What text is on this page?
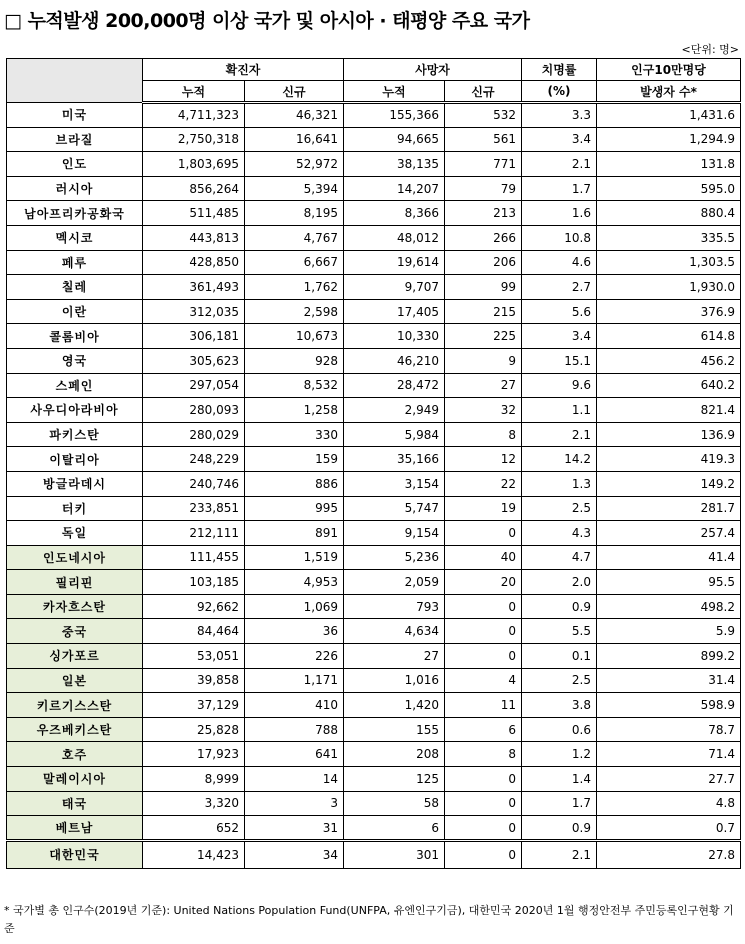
□ 누적발생 200,000명 이상 국가 및 아시아 · 태평양 주요 국가
<단위: 명>
	확진자		사망자		치명률	인구10만명당
	누적	신규	누적	신규	(%)	발생자 수*
미국	4,711,323	46,321	155,366	532	3.3	1,431.6
브라질	2,750,318	16,641	94,665	561	3.4	1,294.9
인도	1,803,695	52,972	38,135	771	2.1	131.8
러시아	856,264	5,394	14,207	79	1.7	595.0
남아프리카공화국	511,485	8,195	8,366	213	1.6	880.4
멕시코	443,813	4,767	48,012	266	10.8	335.5
페루	428,850	6,667	19,614	206	4.6	1,303.5
칠레	361,493	1,762	9,707	99	2.7	1,930.0
이란	312,035	2,598	17,405	215	5.6	376.9
콜롬비아	306,181	10,673	10,330	225	3.4	614.8
영국	305,623	928	46,210	9	15.1	456.2
스페인	297,054	8,532	28,472	27	9.6	640.2
사우디아라비아	280,093	1,258	2,949	32	1.1	821.4
파키스탄	280,029	330	5,984	8	2.1	136.9
이탈리아	248,229	159	35,166	12	14.2	419.3
방글라데시	240,746	886	3,154	22	1.3	149.2
터키	233,851	995	5,747	19	2.5	281.7
독일	212,111	891	9,154	0	4.3	257.4
인도네시아	111,455	1,519	5,236	40	4.7	41.4
필리핀	103,185	4,953	2,059	20	2.0	95.5
카자흐스탄	92,662	1,069	793	0	0.9	498.2
중국	84,464	36	4,634	0	5.5	5.9
싱가포르	53,051	226	27	0	0.1	899.2
일본	39,858	1,171	1,016	4	2.5	31.4
키르기스스탄	37,129	410	1,420	11	3.8	598.9
우즈베키스탄	25,828	788	155	6	0.6	78.7
호주	17,923	641	208	8	1.2	71.4
말레이시아	8,999	14	125	0	1.4	27.7
태국	3,320	3	58	0	1.7	4.8
베트남	652	31	6	0	0.9	0.7
대한민국	14,423	34	301	0	2.1	27.8
* 국가별 총 인구수(2019년 기준): United Nations Population Fund(UNFPA, 유엔인구기금), 대한민국 2020년 1월 행정안전부 주민등록인구현황 기준
